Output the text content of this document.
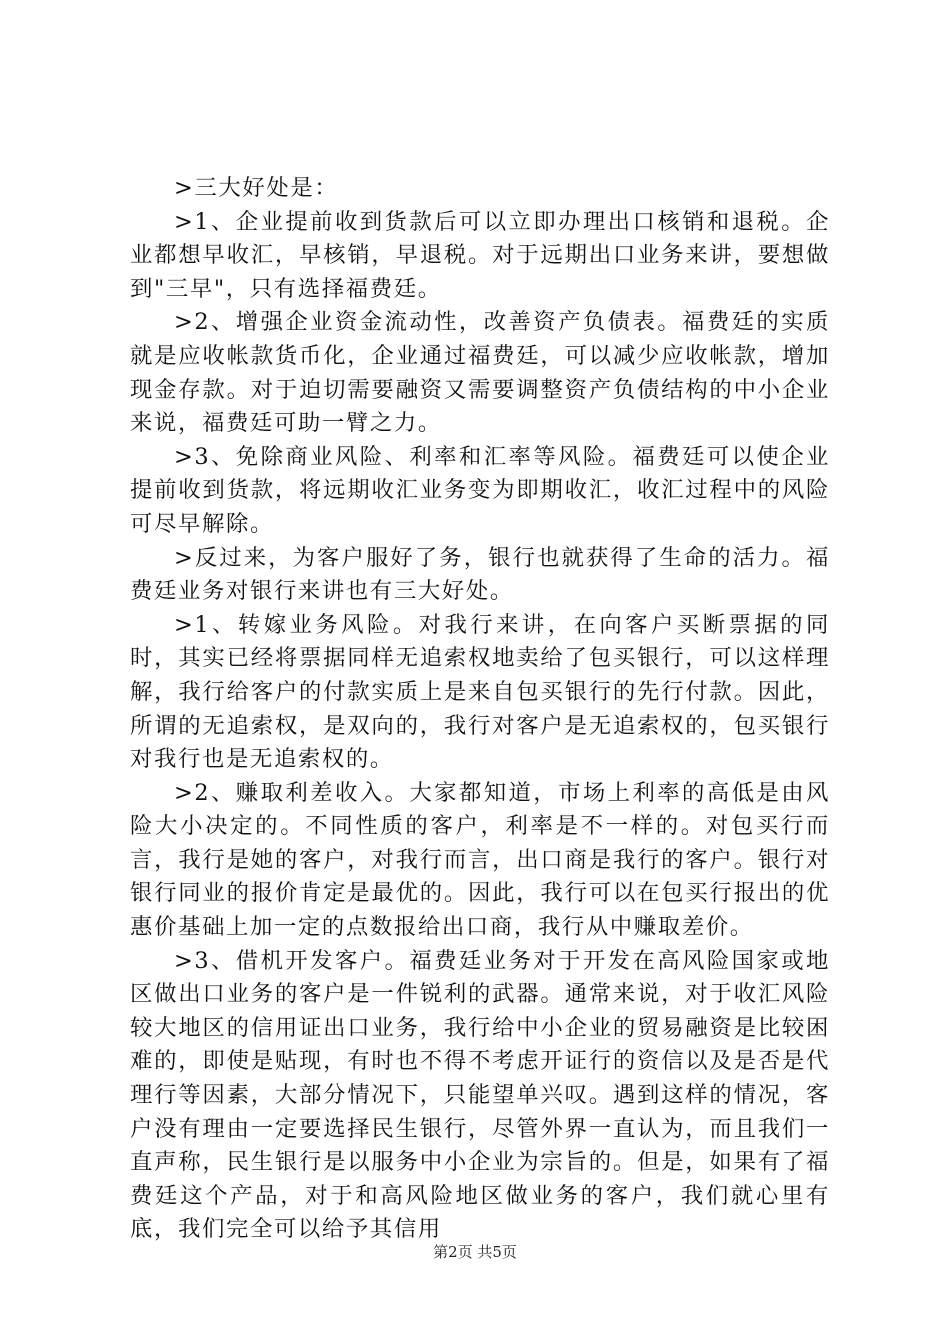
>三大好处是：

>1、企业提前收到货款后可以立即办理出口核销和退税。企业都想早收汇，早核销，早退税。对于远期出口业务来讲，要想做到"三早"，只有选择福费廷。

>2、增强企业资金流动性，改善资产负债表。福费廷的实质就是应收帐款货币化，企业通过福费廷，可以减少应收帐款，增加现金存款。对于迫切需要融资又需要调整资产负债结构的中小企业来说，福费廷可助一臂之力。

>3、免除商业风险、利率和汇率等风险。福费廷可以使企业提前收到货款，将远期收汇业务变为即期收汇，收汇过程中的风险可尽早解除。

>反过来，为客户服好了务，银行也就获得了生命的活力。福费廷业务对银行来讲也有三大好处。

>1、转嫁业务风险。对我行来讲，在向客户买断票据的同时，其实已经将票据同样无追索权地卖给了包买银行，可以这样理解，我行给客户的付款实质上是来自包买银行的先行付款。因此，所谓的无追索权，是双向的，我行对客户是无追索权的，包买银行对我行也是无追索权的。

>2、赚取利差收入。大家都知道，市场上利率的高低是由风险大小决定的。不同性质的客户，利率是不一样的。对包买行而言，我行是她的客户，对我行而言，出口商是我行的客户。银行对银行同业的报价肯定是最优的。因此，我行可以在包买行报出的优惠价基础上加一定的点数报给出口商，我行从中赚取差价。

>3、借机开发客户。福费廷业务对于开发在高风险国家或地区做出口业务的客户是一件锐利的武器。通常来说，对于收汇风险较大地区的信用证出口业务，我行给中小企业的贸易融资是比较困难的，即使是贴现，有时也不得不考虑开证行的资信以及是否是代理行等因素，大部分情况下，只能望单兴叹。遇到这样的情况，客户没有理由一定要选择民生银行，尽管外界一直认为，而且我们一直声称，民生银行是以服务中小企业为宗旨的。但是，如果有了福费廷这个产品，对于和高风险地区做业务的客户，我们就心里有底，我们完全可以给予其信用

第2页 共5页
